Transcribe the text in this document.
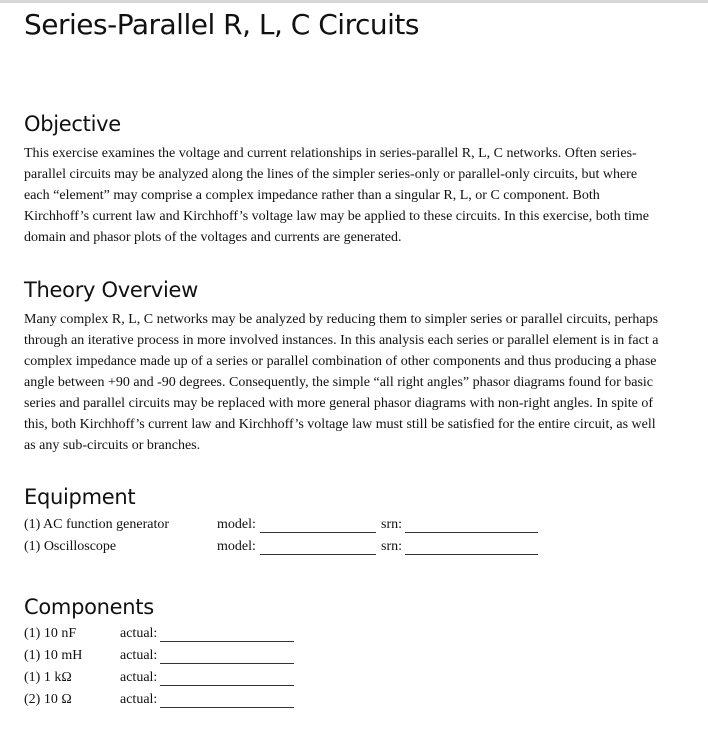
Series-Parallel R, L, C Circuits
Objective

This exercise examines the voltage and current relationships in series-parallel R, L, C networks. Often series-parallel circuits may be analyzed along the lines of the simpler series-only or parallel-only circuits, but where each “element” may comprise a complex impedance rather than a singular R, L, or C component. Both Kirchhoff’s current law and Kirchhoff’s voltage law may be applied to these circuits. In this exercise, both time domain and phasor plots of the voltages and currents are generated.

Theory Overview

Many complex R, L, C networks may be analyzed by reducing them to simpler series or parallel circuits, perhaps through an iterative process in more involved instances. In this analysis each series or parallel element is in fact a complex impedance made up of a series or parallel combination of other components and thus producing a phase angle between +90 and -90 degrees. Consequently, the simple “all right angles” phasor diagrams found for basic series and parallel circuits may be replaced with more general phasor diagrams with non-right angles. In spite of this, both Kirchhoff’s current law and Kirchhoff’s voltage law must still be satisfied for the entire circuit, as well as any sub-circuits or branches.

Equipment
(1) AC function generator	model:	srn:
(1) Oscilloscope	model:	srn:
Components
(1) 10 nF	actual:
(1) 10 mH	actual:
(1) 1 kΩ	actual:
(2) 10 Ω	actual:
